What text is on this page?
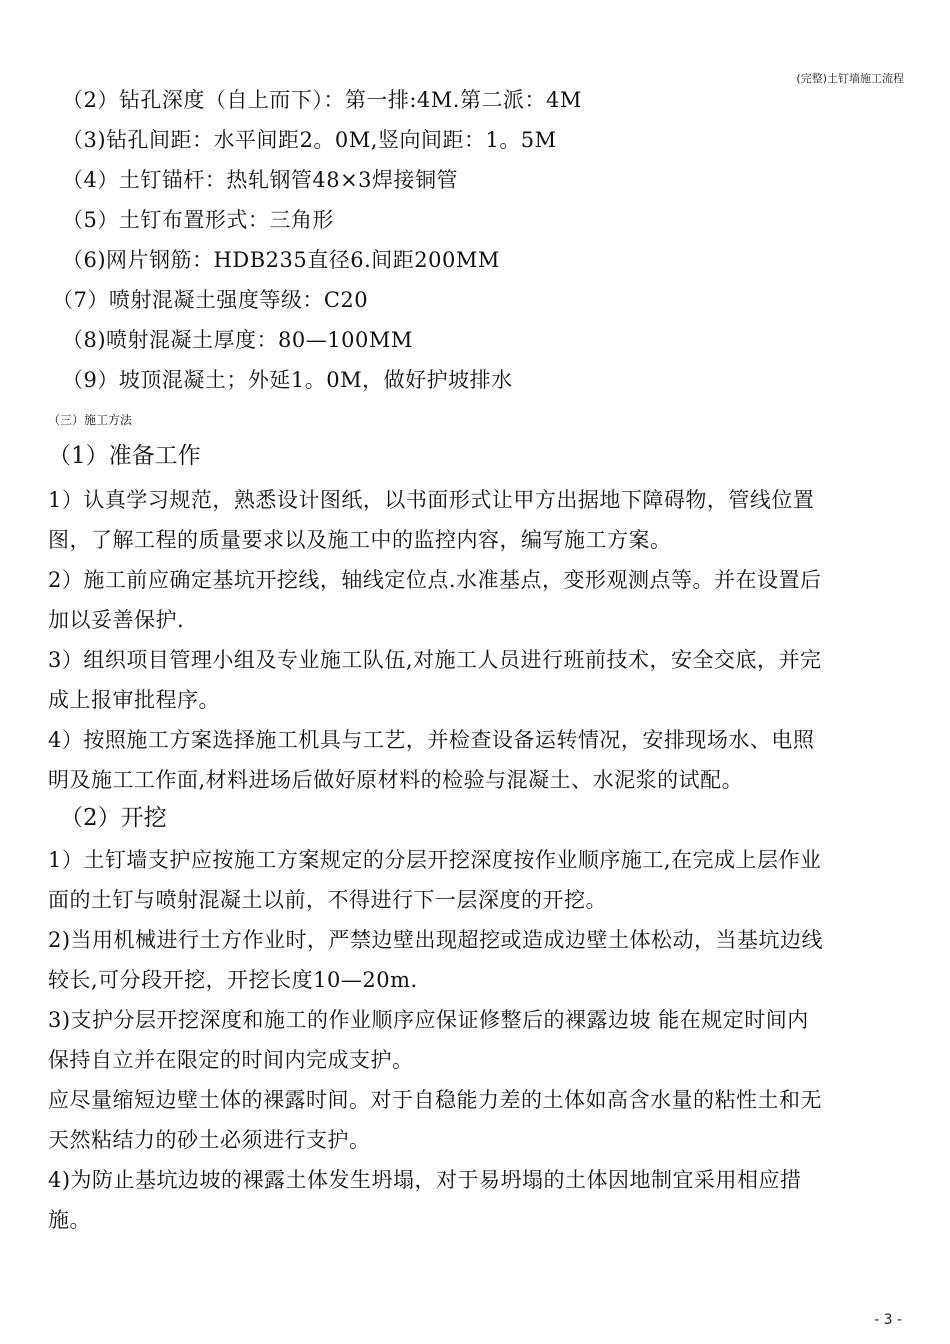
(完整)土钉墙施工流程
（2）钻孔深度（自上而下）：第一排:4M.第二派：4M
（3)钻孔间距：水平间距2。0M,竖向间距：1。5M
（4）土钉锚杆：热轧钢管48×3焊接铜管
（5）土钉布置形式：三角形
（6)网片钢筋：HDB235直径6.间距200MM
（7）喷射混凝土强度等级：C20
（8)喷射混凝土厚度：80—100MM
（9）坡顶混凝土；外延1。0M，做好护坡排水
（三）施工方法
（1）准备工作
1）认真学习规范，熟悉设计图纸，以书面形式让甲方出据地下障碍物，管线位置
图，了解工程的质量要求以及施工中的监控内容，编写施工方案。
2）施工前应确定基坑开挖线，轴线定位点.水准基点，变形观测点等。并在设置后
加以妥善保护.
3）组织项目管理小组及专业施工队伍,对施工人员进行班前技术，安全交底，并完
成上报审批程序。
4）按照施工方案选择施工机具与工艺，并检查设备运转情况，安排现场水、电照
明及施工工作面,材料进场后做好原材料的检验与混凝土、水泥浆的试配。
（2）开挖
1）土钉墙支护应按施工方案规定的分层开挖深度按作业顺序施工,在完成上层作业
面的土钉与喷射混凝土以前，不得进行下一层深度的开挖。
2)当用机械进行土方作业时，严禁边壁出现超挖或造成边壁土体松动，当基坑边线
较长,可分段开挖，开挖长度10—20m.
3)支护分层开挖深度和施工的作业顺序应保证修整后的裸露边坡 能在规定时间内
保持自立并在限定的时间内完成支护。
应尽量缩短边壁土体的裸露时间。对于自稳能力差的土体如高含水量的粘性土和无
天然粘结力的砂土必须进行支护。
4)为防止基坑边坡的裸露土体发生坍塌，对于易坍塌的土体因地制宜采用相应措
施。
- 3 -
